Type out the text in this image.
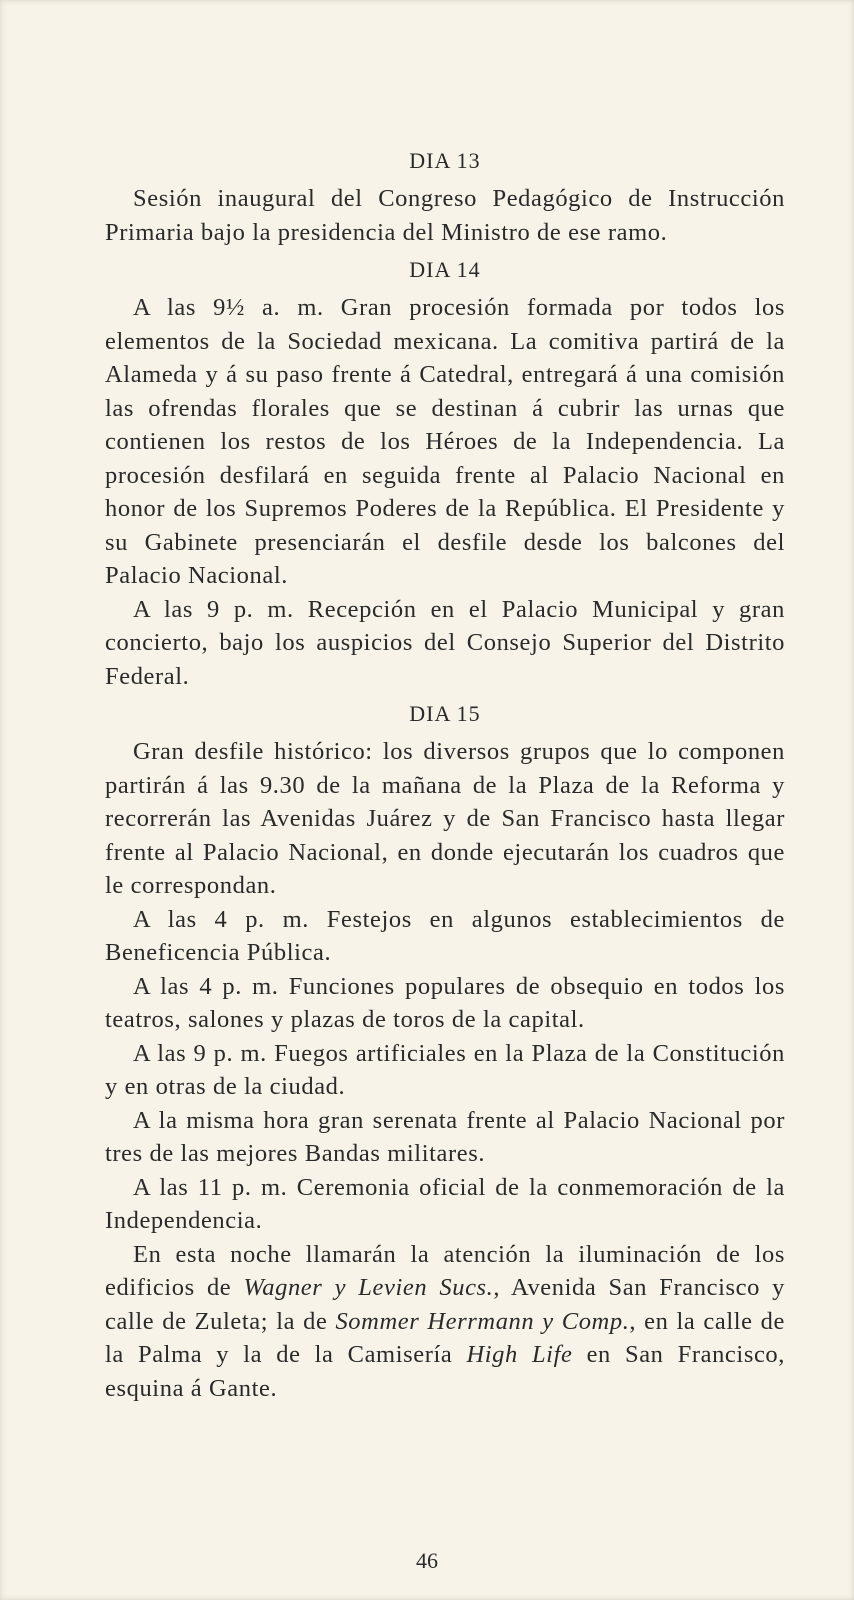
DIA 13

Sesión inaugural del Congreso Pedagógico de Instrucción Primaria bajo la presidencia del Ministro de ese ramo.

DIA 14

A las 9½ a. m. Gran procesión formada por todos los elementos de la Sociedad mexicana. La comitiva partirá de la Alameda y á su paso frente á Catedral, entregará á una comisión las ofrendas florales que se destinan á cubrir las urnas que contienen los restos de los Héroes de la Independencia. La procesión desfilará en seguida frente al Palacio Nacional en honor de los Supremos Poderes de la República. El Presidente y su Gabinete presenciarán el desfile desde los balcones del Palacio Nacional.

A las 9 p. m. Recepción en el Palacio Municipal y gran concierto, bajo los auspicios del Consejo Superior del Distrito Federal.

DIA 15

Gran desfile histórico: los diversos grupos que lo componen partirán á las 9.30 de la mañana de la Plaza de la Reforma y recorrerán las Avenidas Juárez y de San Francisco hasta llegar frente al Palacio Nacional, en donde ejecutarán los cuadros que le correspondan.

A las 4 p. m. Festejos en algunos establecimientos de Beneficencia Pública.

A las 4 p. m. Funciones populares de obsequio en todos los teatros, salones y plazas de toros de la capital.

A las 9 p. m. Fuegos artificiales en la Plaza de la Constitución y en otras de la ciudad.

A la misma hora gran serenata frente al Palacio Nacional por tres de las mejores Bandas militares.

A las 11 p. m. Ceremonia oficial de la conmemoración de la Independencia.

En esta noche llamarán la atención la iluminación de los edificios de Wagner y Levien Sucs., Avenida San Francisco y calle de Zuleta; la de Sommer Herrmann y Comp., en la calle de la Palma y la de la Camisería High Life en San Francisco, esquina á Gante.

46
